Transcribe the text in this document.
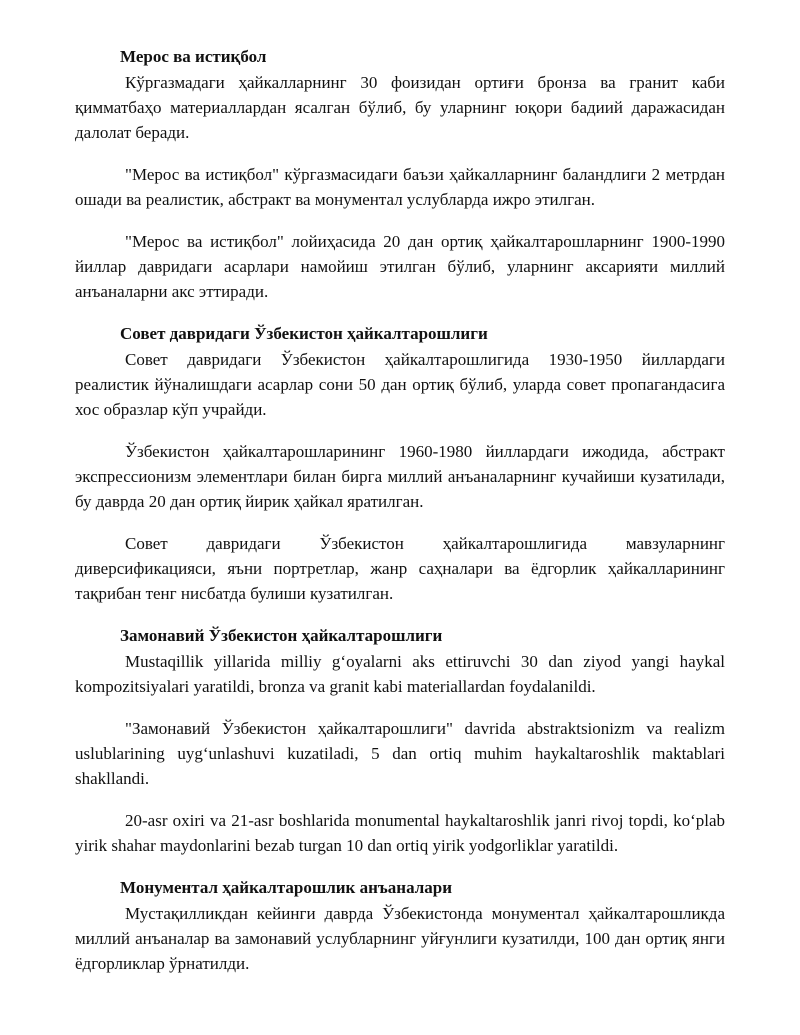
Мерос ва истиқбол

Кўргазмадаги ҳайкалларнинг 30 фоизидан ортиғи бронза ва гранит каби қимматбаҳо материаллардан ясалган бўлиб, бу уларнинг юқори бадиий даражасидан далолат беради.

"Мерос ва истиқбол" кўргазмасидаги баъзи ҳайкалларнинг баландлиги 2 метрдан ошади ва реалистик, абстракт ва монументал услубларда ижро этилган.

"Мерос ва истиқбол" лойиҳасида 20 дан ортиқ ҳайкалтарошларнинг 1900-1990 йиллар давридаги асарлари намойиш этилган бўлиб, уларнинг аксарияти миллий анъаналарни акс эттиради.

Совет давридаги Ўзбекистон ҳайкалтарошлиги

Совет давридаги Ўзбекистон ҳайкалтарошлигида 1930-1950 йиллардаги реалистик йўналишдаги асарлар сони 50 дан ортиқ бўлиб, уларда совет пропагандасига хос образлар кўп учрайди.

Ўзбекистон ҳайкалтарошларининг 1960-1980 йиллардаги ижодида, абстракт экспрессионизм элементлари билан бирга миллий анъаналарнинг кучайиши кузатилади, бу даврда 20 дан ортиқ йирик ҳайкал яратилган.

Совет давридаги Ўзбекистон ҳайкалтарошлигида мавзуларнинг диверсификацияси, яъни портретлар, жанр саҳналари ва ёдгорлик ҳайкалларининг тақрибан тенг нисбатда булиши кузатилган.

Замонавий Ўзбекистон ҳайкалтарошлиги

Mustaqillik yillarida milliy g‘oyalarni aks ettiruvchi 30 dan ziyod yangi haykal kompozitsiyalari yaratildi, bronza va granit kabi materiallardan foydalanildi.

"Замонавий Ўзбекистон ҳайкалтарошлиги" davrida abstraktsionizm va realizm uslublarining uyg‘unlashuvi kuzatiladi, 5 dan ortiq muhim haykaltaroshlik maktablari shakllandi.

20-asr oxiri va 21-asr boshlarida monumental haykaltaroshlik janri rivoj topdi, ko‘plab yirik shahar maydonlarini bezab turgan 10 dan ortiq yirik yodgorliklar yaratildi.

Монументал ҳайкалтарошлик анъаналари

Мустақилликдан кейинги даврда Ўзбекистонда монументал ҳайкалтарошликда миллий анъаналар ва замонавий услубларнинг уйғунлиги кузатилди, 100 дан ортиқ янги ёдгорликлар ўрнатилди.
